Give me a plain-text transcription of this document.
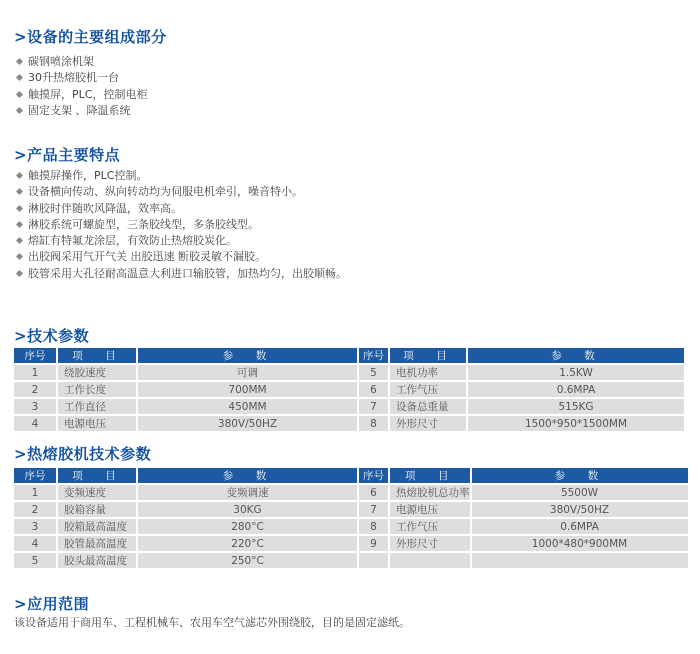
>设备的主要组成部分
碳钢喷涂机架
30升热熔胶机一台
触摸屏，PLC，控制电柜
固定支架 、降温系统
>产品主要特点
触摸屏操作，PLC控制。
设备横向传动、纵向转动均为伺服电机牵引，噪音特小。
淋胶时伴随吹风降温，效率高。
淋胶系统可螺旋型，三条胶线型，多条胶线型。
熔缸有特氟龙涂层，有效防止热熔胶炭化。
出胶阀采用气开气关 出胶迅速 断胶灵敏不漏胶。
胶管采用大孔径耐高温意大利进口输胶管，加热均匀，出胶顺畅。
>技术参数
序号	项　目	参　数	序号	项　目	参　数
1	绕胶速度	可调	5	电机功率	1.5KW
2	工作长度	700MM	6	工作气压	0.6MPA
3	工作直径	450MM	7	设备总重量	515KG
4	电源电压	380V/50HZ	8	外形尺寸	1500*950*1500MM
>热熔胶机技术参数
序号	项　目	参　数	序号	项　目	参　数
1	变频速度	变频调速	6	热熔胶机总功率	5500W
2	胶箱容量	30KG	7	电源电压	380V/50HZ
3	胶箱最高温度	280°C	8	工作气压	0.6MPA
4	胶管最高温度	220°C	9	外形尺寸	1000*480*900MM
5	胶头最高温度	250°C			
>应用范围
该设备适用于商用车、工程机械车、农用车空气滤芯外围绕胶，目的是固定滤纸。
